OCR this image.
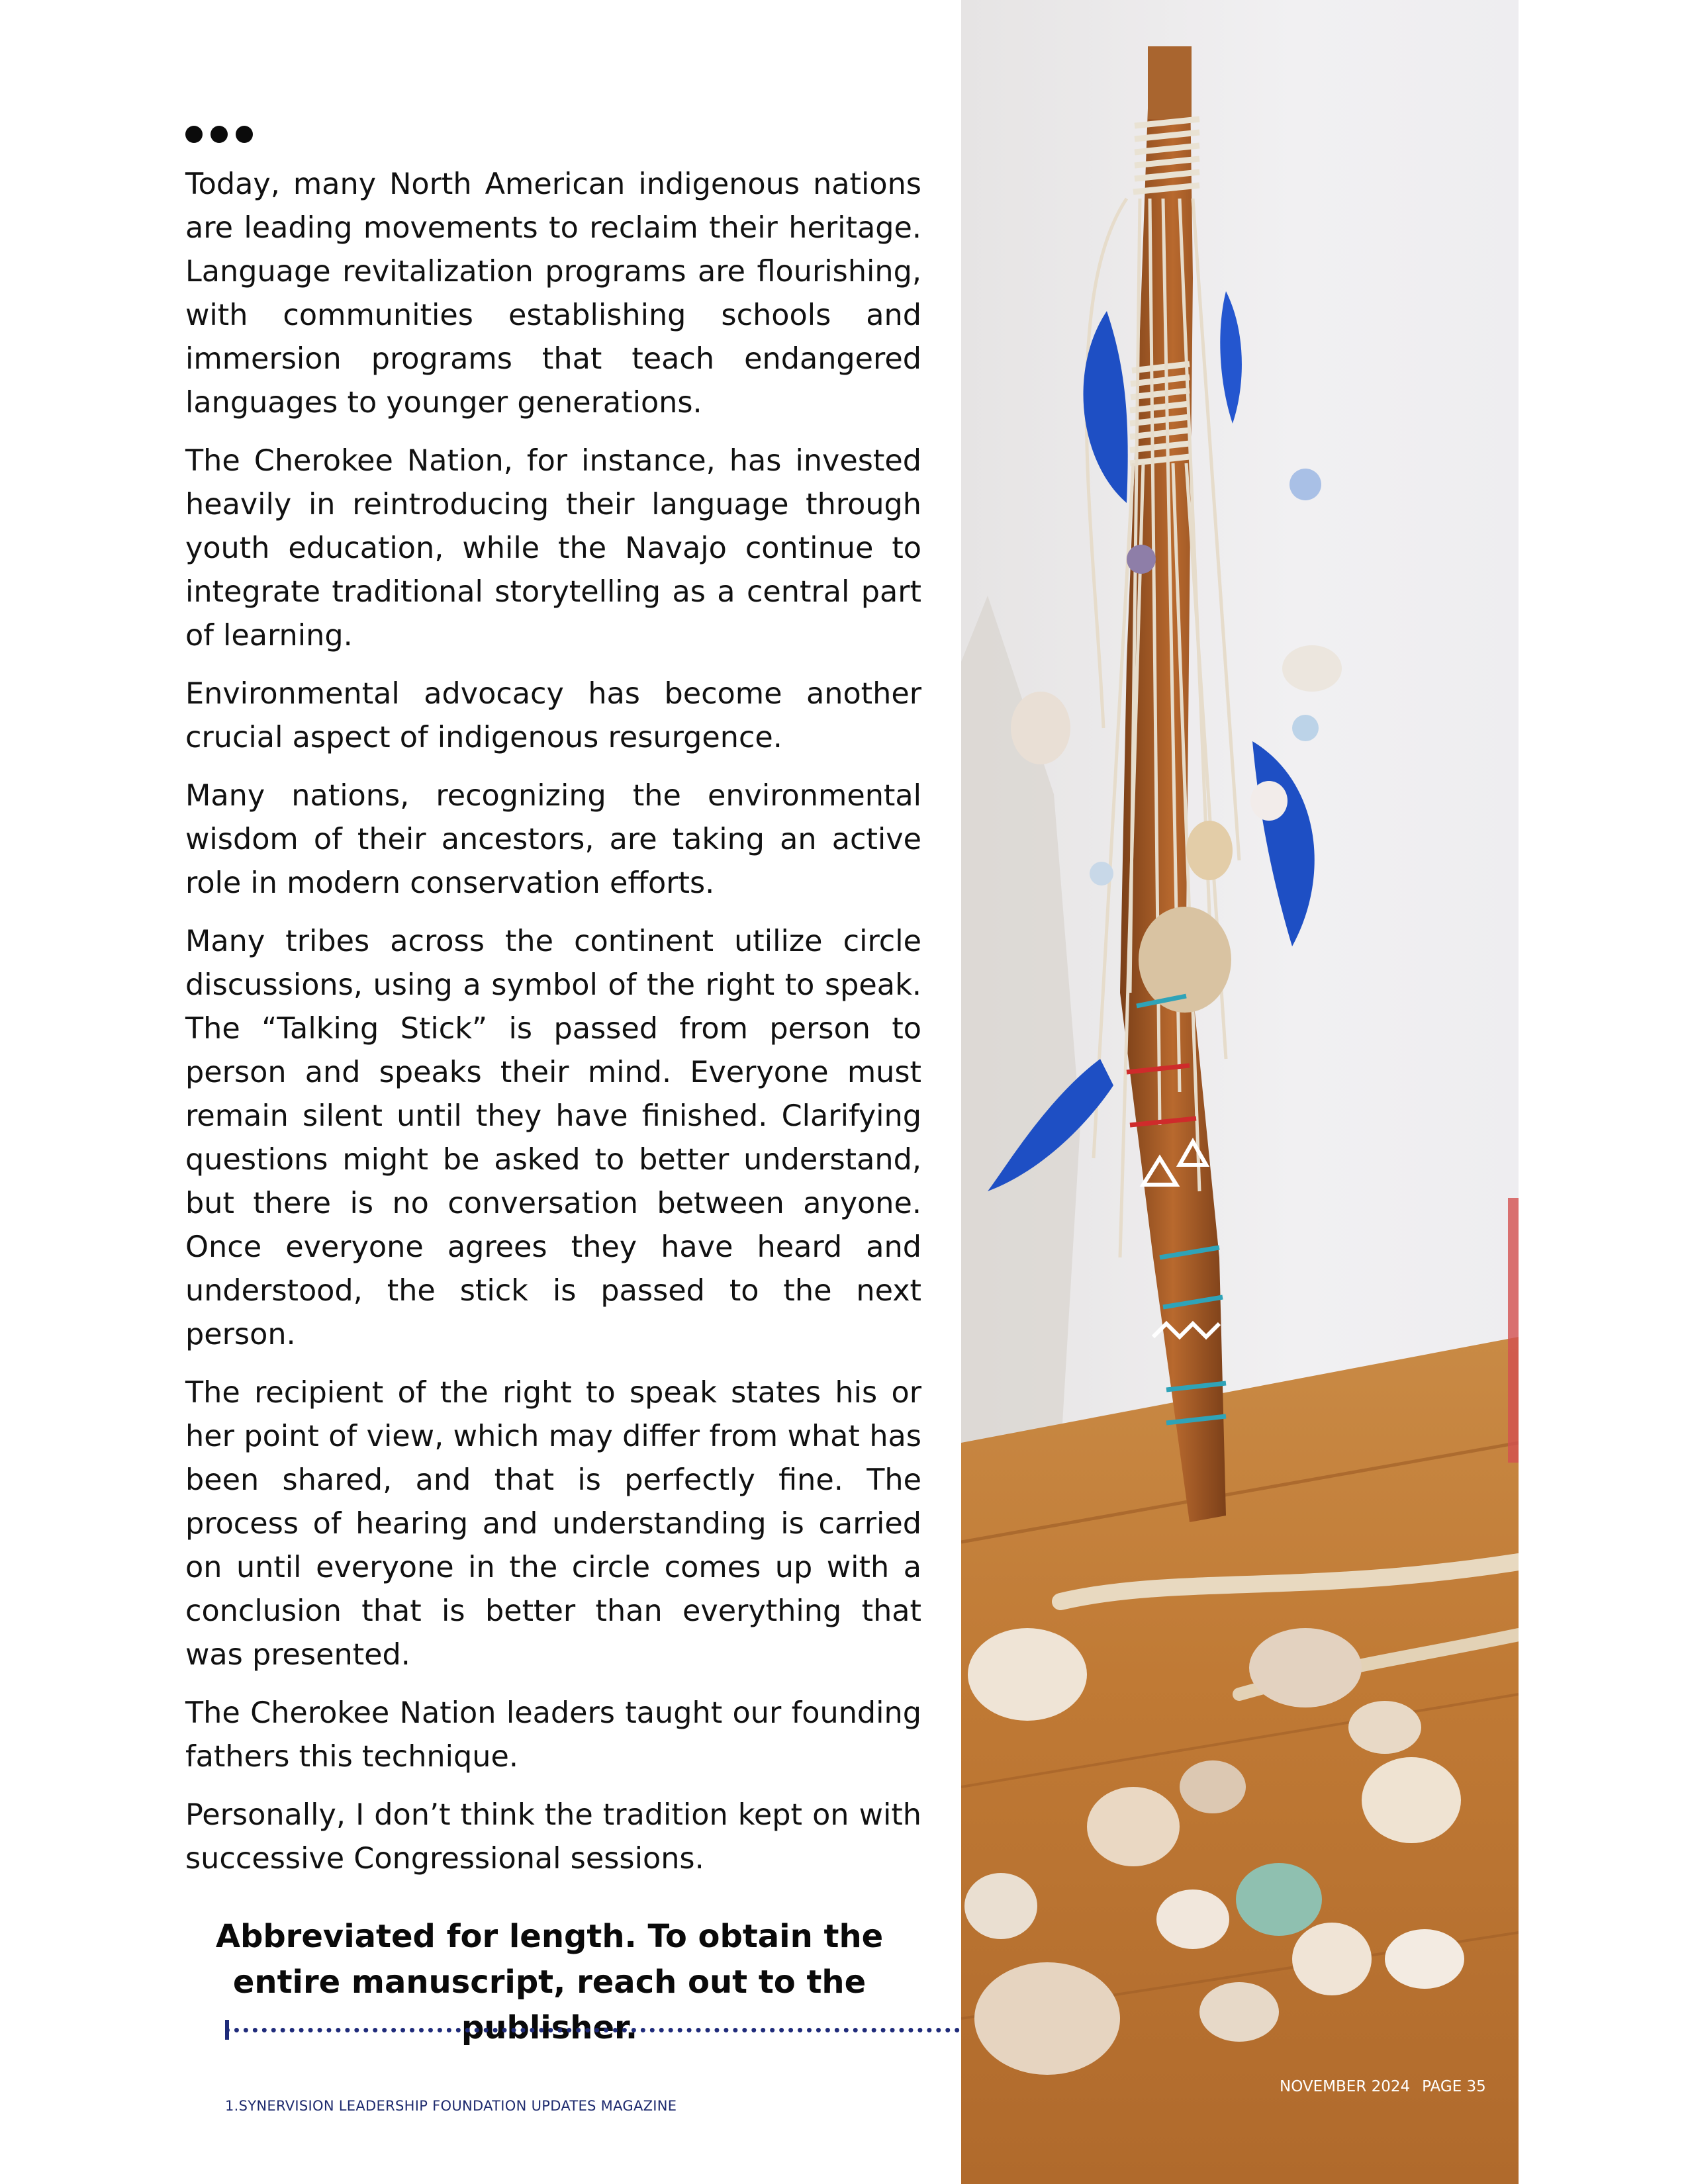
Today, many North American indigenous nations are leading movements to reclaim their heritage. Language revitalization programs are flourishing, with communities establishing schools and immersion programs that teach endangered languages to younger generations.

The Cherokee Nation, for instance, has invested heavily in reintroducing their language through youth education, while the Navajo continue to integrate traditional storytelling as a central part of learning.

Environmental advocacy has become another crucial aspect of indigenous resurgence.

Many nations, recognizing the environmental wisdom of their ancestors, are taking an active role in modern conservation efforts.

Many tribes across the continent utilize circle discussions, using a symbol of the right to speak. The “Talking Stick” is passed from person to person and speaks their mind. Everyone must remain silent until they have finished. Clarifying questions might be asked to better understand, but there is no conversation between anyone. Once everyone agrees they have heard and understood, the stick is passed to the next person.

The recipient of the right to speak states his or her point of view, which may differ from what has been shared, and that is perfectly fine. The process of hearing and understanding is carried on until everyone in the circle comes up with a conclusion that is better than everything that was presented.

The Cherokee Nation leaders taught our founding fathers this technique.

Personally, I don’t think the tradition kept on with successive Congressional sessions.

Abbreviated for length. To obtain the
entire manuscript, reach out to the publisher.
1.SYNERVISION LEADERSHIP FOUNDATION UPDATES MAGAZINE
NOVEMBER 2024 PAGE 35
